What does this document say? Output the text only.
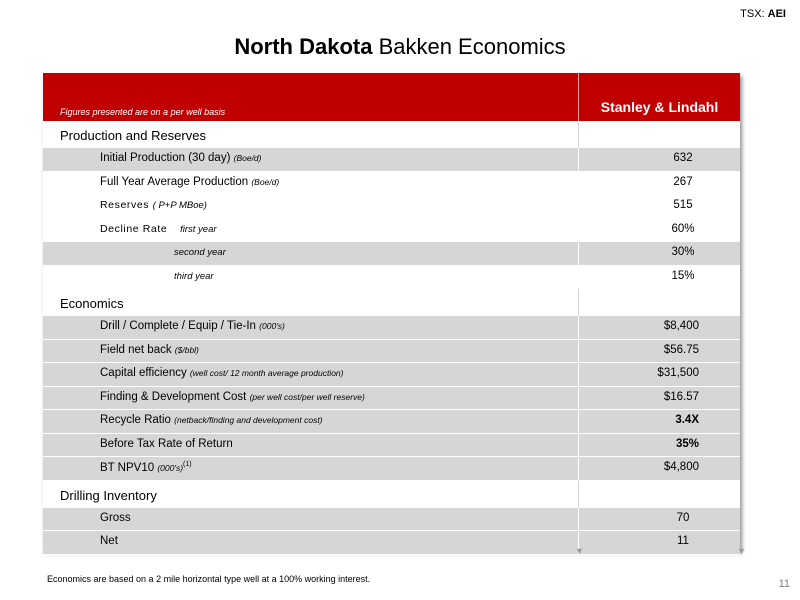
TSX: AEI
North Dakota Bakken Economics
Figures presented are on a per well basis	Stanley & Lindahl
Production and Reserves
Initial Production (30 day) (Boe/d)	632
Full Year Average Production (Boe/d)	267
Reserves ( P+P MBoe)	515
Decline Rate first year	60%
second year	30%
third year	15%
Economics
Drill / Complete / Equip / Tie-In (000's)	$8,400
Field net back ($/bbl)	$56.75
Capital efficiency (well cost/ 12 month average production)	$31,500
Finding & Development Cost (per well cost/per well reserve)	$16.57
Recycle Ratio (netback/finding and development cost)	3.4X
Before Tax Rate of Return	35%
BT NPV10 $(000's)^{(1)}$	$4,800
Drilling Inventory
Gross	70
Net	11
▼	▼
Economics are based on a 2 mile horizontal type well at a 100% working interest.	11
